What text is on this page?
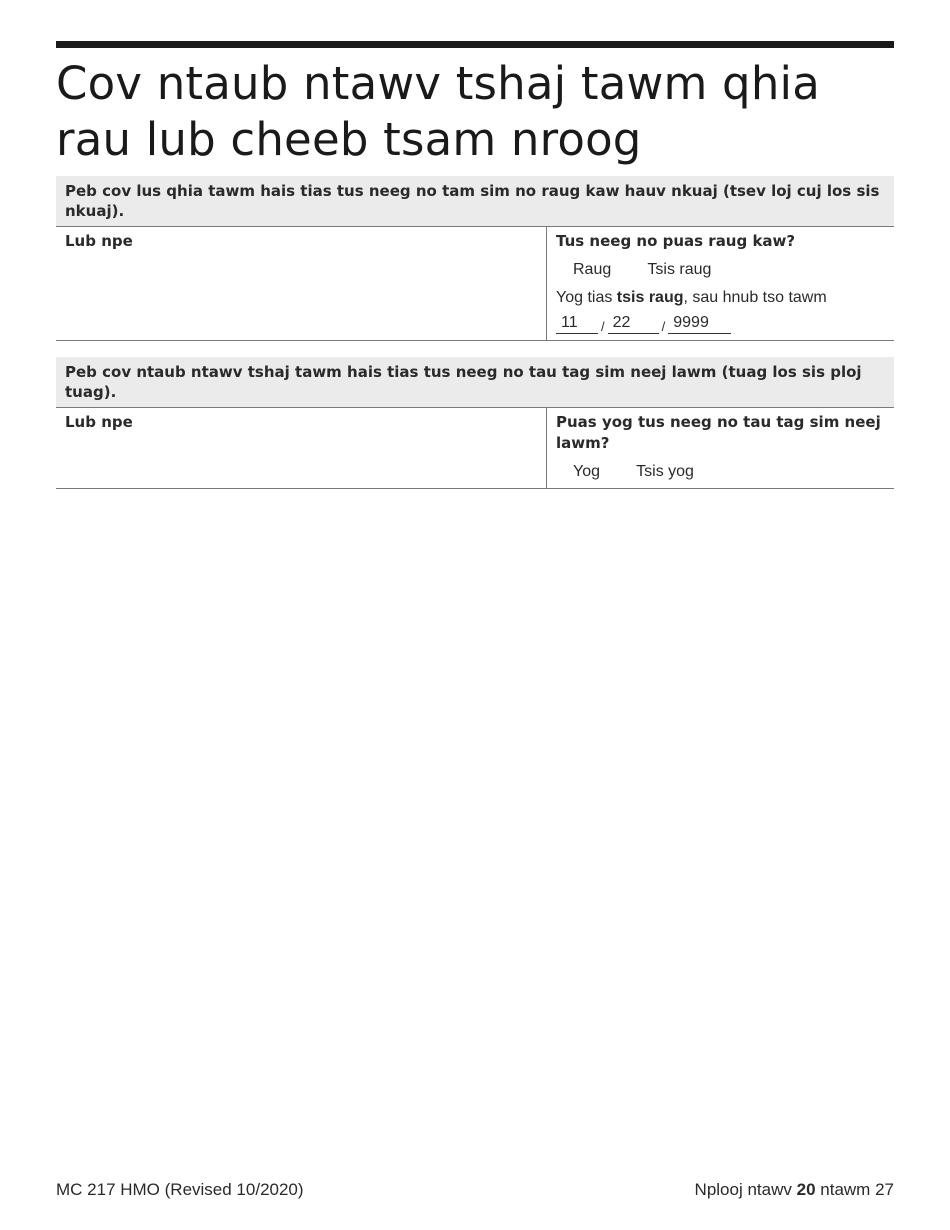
Cov ntaub ntawv tshaj tawm qhia rau lub cheeb tsam nroog
Peb cov lus qhia tawm hais tias tus neeg no tam sim no raug kaw hauv nkuaj (tsev loj cuj los sis nkuaj).
Lub npe	Tus neeg no puas raug kaw?
Raug Tsis raug
Yog tias tsis raug, sau hnub tso tawm
11	/ 22	/ 9999
Peb cov ntaub ntawv tshaj tawm hais tias tus neeg no tau tag sim neej lawm (tuag los sis ploj tuag).
Lub npe	Puas yog tus neeg no tau tag sim neej lawm?
Yog Tsis yog
MC 217 HMO (Revised 10/2020)	Nplooj ntawv 20 ntawm 27
